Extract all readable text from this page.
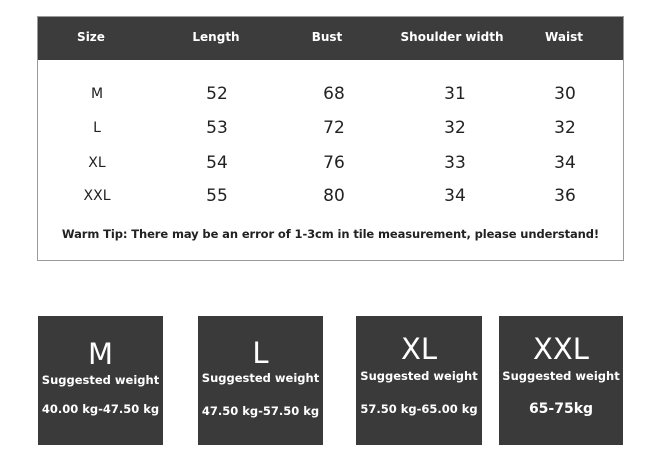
Size	Length	Bust	Shoulder width	Waist
M	52	68	31	30
L	53	72	32	32
XL	54	76	33	34
XXL	55	80	34	36
Warm Tip: There may be an error of 1-3cm in tile measurement, please understand!
M
Suggested weight
40.00 kg-47.50 kg
L
Suggested weight
47.50 kg-57.50 kg
XL
Suggested weight
57.50 kg-65.00 kg
XXL
Suggested weight
65-75kg
